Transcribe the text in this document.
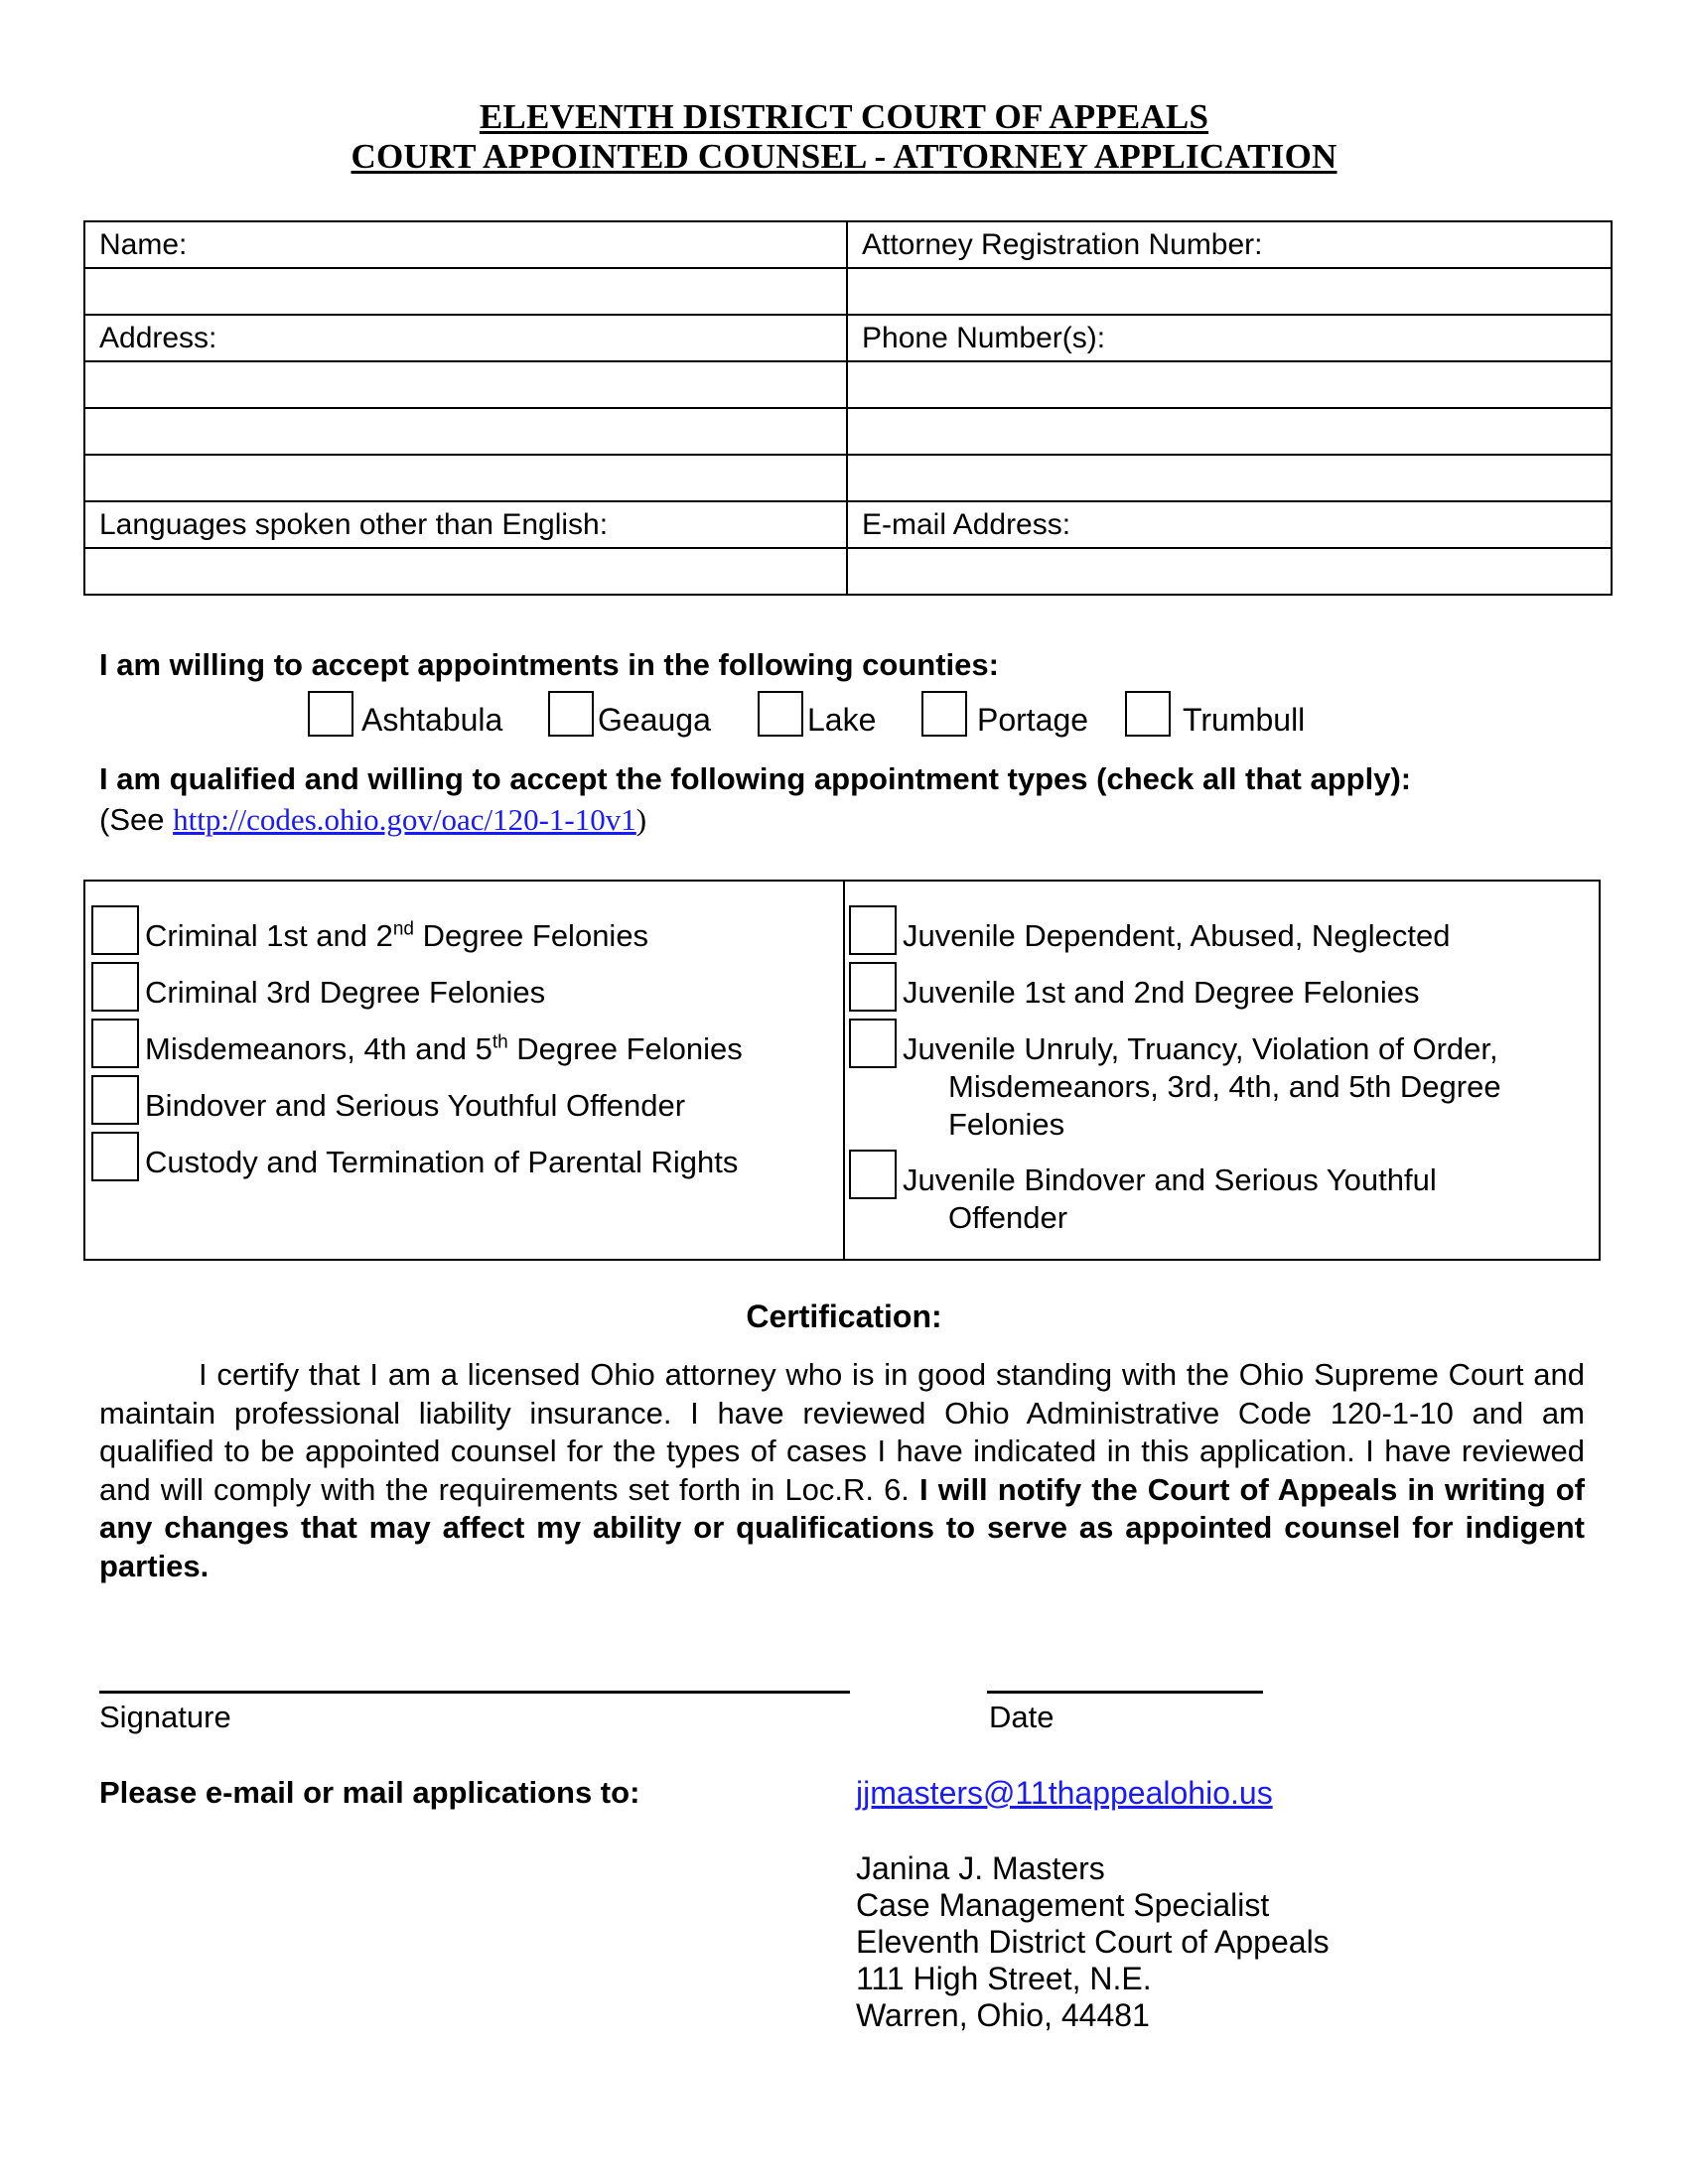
ELEVENTH DISTRICT COURT OF APPEALS
COURT APPOINTED COUNSEL - ATTORNEY APPLICATION
Name:	Attorney Registration Number:

Address:	Phone Number(s):

Languages spoken other than English:	E-mail Address:

I am willing to accept appointments in the following counties:
Ashtabula	Geauga	Lake	Portage	Trumbull
I am qualified and willing to accept the following appointment types (check all that apply):
(See http://codes.ohio.gov/oac/120-1-10v1)
Criminal 1st and 2nd Degree Felonies
Criminal 3rd Degree Felonies
Misdemeanors, 4th and 5th Degree Felonies
Bindover and Serious Youthful Offender
Custody and Termination of Parental Rights
Juvenile Dependent, Abused, Neglected
Juvenile 1st and 2nd Degree Felonies
Juvenile Unruly, Truancy, Violation of Order,
Misdemeanors, 3rd, 4th, and 5th Degree
Felonies
Juvenile Bindover and Serious Youthful
Offender
Certification:
I certify that I am a licensed Ohio attorney who is in good standing with the Ohio Supreme Court and maintain professional liability insurance. I have reviewed Ohio Administrative Code 120-1-10 and am qualified to be appointed counsel for the types of cases I have indicated in this application. I have reviewed and will comply with the requirements set forth in Loc.R. 6. I will notify the Court of Appeals in writing of any changes that may affect my ability or qualifications to serve as appointed counsel for indigent parties.
Signature	Date
Please e-mail or mail applications to:	jjmasters@11thappealohio.us
Janina J. Masters
Case Management Specialist
Eleventh District Court of Appeals
111 High Street, N.E.
Warren, Ohio, 44481
